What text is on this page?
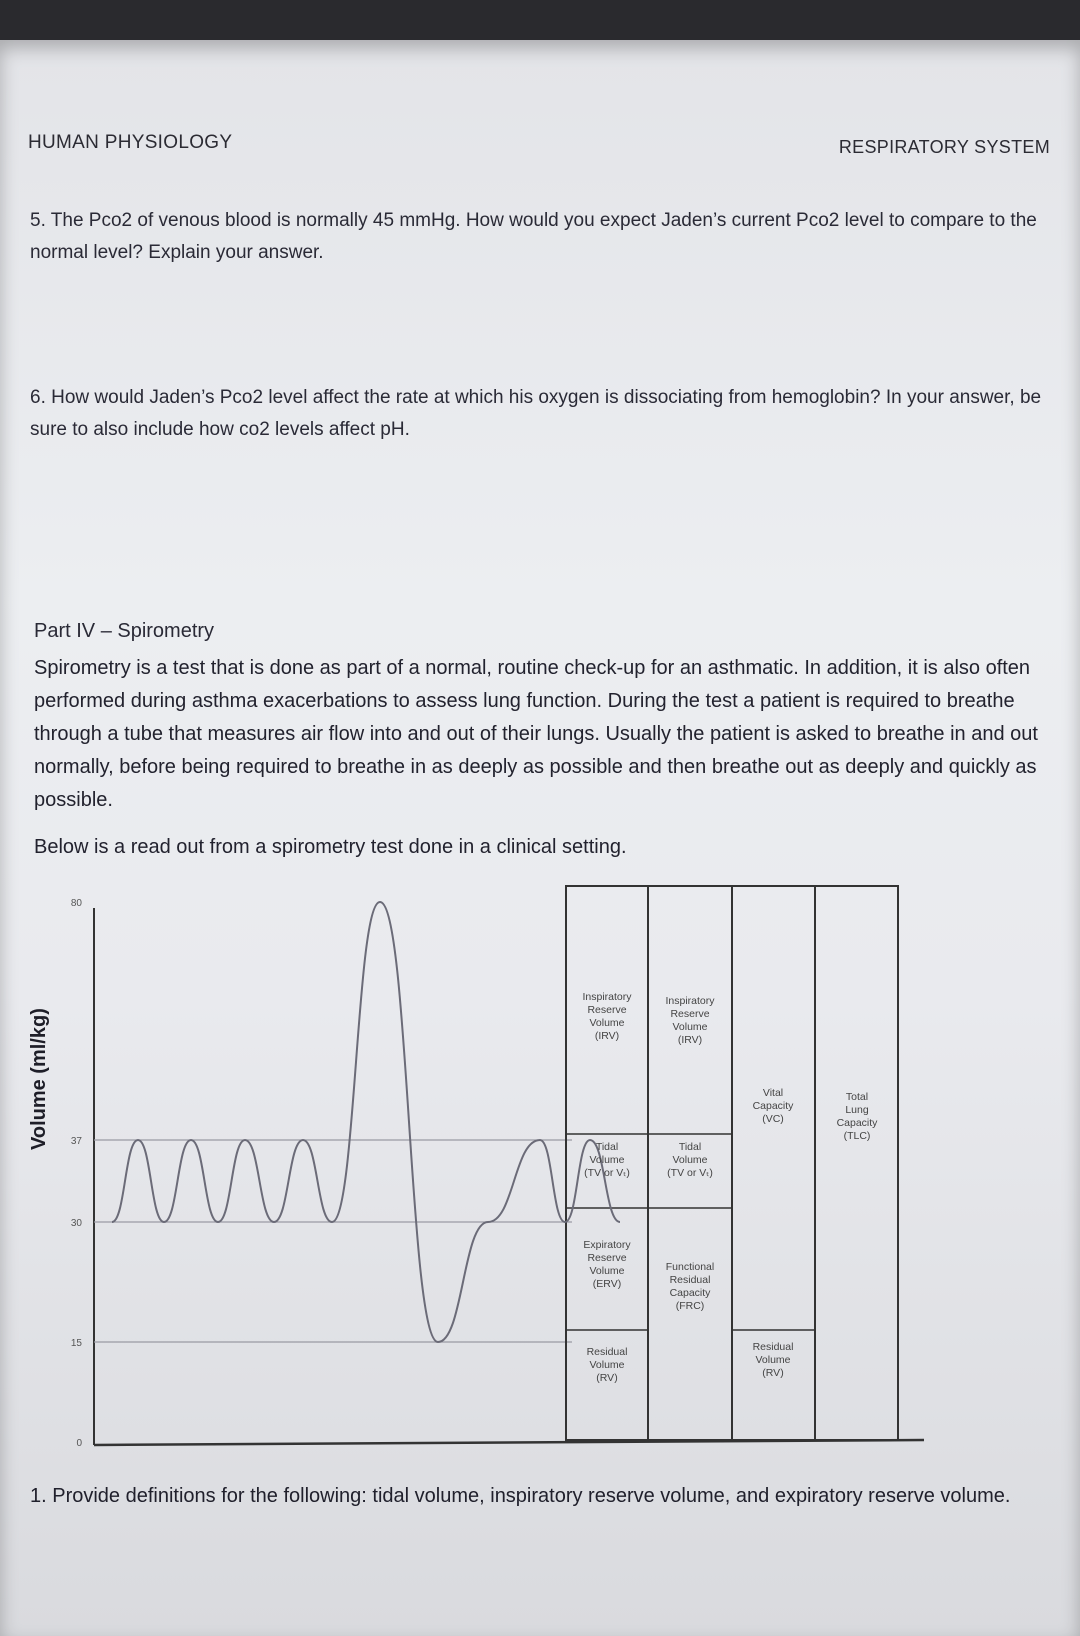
HUMAN PHYSIOLOGY	RESPIRATORY SYSTEM
5. The Pco2 of venous blood is normally 45 mmHg. How would you expect Jaden’s current Pco2 level to compare to the normal level? Explain your answer.
6. How would Jaden’s Pco2 level affect the rate at which his oxygen is dissociating from hemoglobin? In your answer, be sure to also include how co2 levels affect pH.
Part IV – Spirometry
Spirometry is a test that is done as part of a normal, routine check-up for an asthmatic. In addition, it is also often performed during asthma exacerbations to assess lung function. During the test a patient is required to breathe through a tube that measures air flow into and out of their lungs. Usually the patient is asked to breathe in and out normally, before being required to breathe in as deeply as possible and then breathe out as deeply and quickly as possible.
Below is a read out from a spirometry test done in a clinical setting.
Volume (ml/kg)
0
15
30
37
80
Inspiratory
Reserve
Volume
(IRV)
Tidal
Volume
(TV or Vₜ)
Expiratory
Reserve
Volume
(ERV)
Residual
Volume
(RV)
Inspiratory
Reserve
Volume
(IRV)
Tidal
Volume
(TV or Vₜ)
Functional
Residual
Capacity
(FRC)
Vital
Capacity
(VC)
Residual
Volume
(RV)
Total
Lung
Capacity
(TLC)
1. Provide definitions for the following: tidal volume, inspiratory reserve volume, and expiratory reserve volume.
